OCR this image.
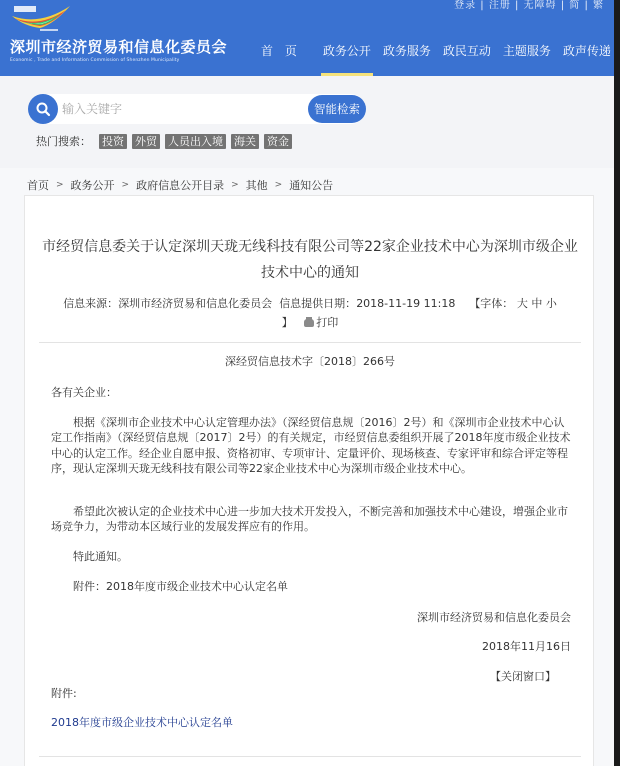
登录 | 注册 | 无障碍 | 简 | 繁
深圳市经济贸易和信息化委员会
Economic , Trade and Information Commission of Shenzhen Municipality
首 页	政务公开	政务服务	政民互动	主题服务	政声传递
输入关键字
智能检索
热门搜索： 投资 外贸 人员出入境 海关 资金
首页 > 政务公开 > 政府信息公开目录 > 其他 > 通知公告
市经贸信息委关于认定深圳天珑无线科技有限公司等22家企业技术中心为深圳市级企业技术中心的通知
信息来源：深圳市经济贸易和信息化委员会 信息提供日期：2018-11-19 11:18 【字体： 大 中 小
】 打印
深经贸信息技术字〔2018〕266号
各有关企业：
根据《深圳市企业技术中心认定管理办法》（深经贸信息规〔2016〕2号）和《深圳市企业技术中心认定工作指南》（深经贸信息规〔2017〕2号）的有关规定，市经贸信息委组织开展了2018年度市级企业技术中心的认定工作。经企业自愿申报、资格初审、专项审计、定量评价、现场核查、专家评审和综合评定等程序，现认定深圳天珑无线科技有限公司等22家企业技术中心为深圳市级企业技术中心。
希望此次被认定的企业技术中心进一步加大技术开发投入，不断完善和加强技术中心建设，增强企业市场竞争力，为带动本区域行业的发展发挥应有的作用。
特此通知。
附件：2018年度市级企业技术中心认定名单
深圳市经济贸易和信息化委员会
2018年11月16日
【关闭窗口】
附件:
2018年度市级企业技术中心认定名单
